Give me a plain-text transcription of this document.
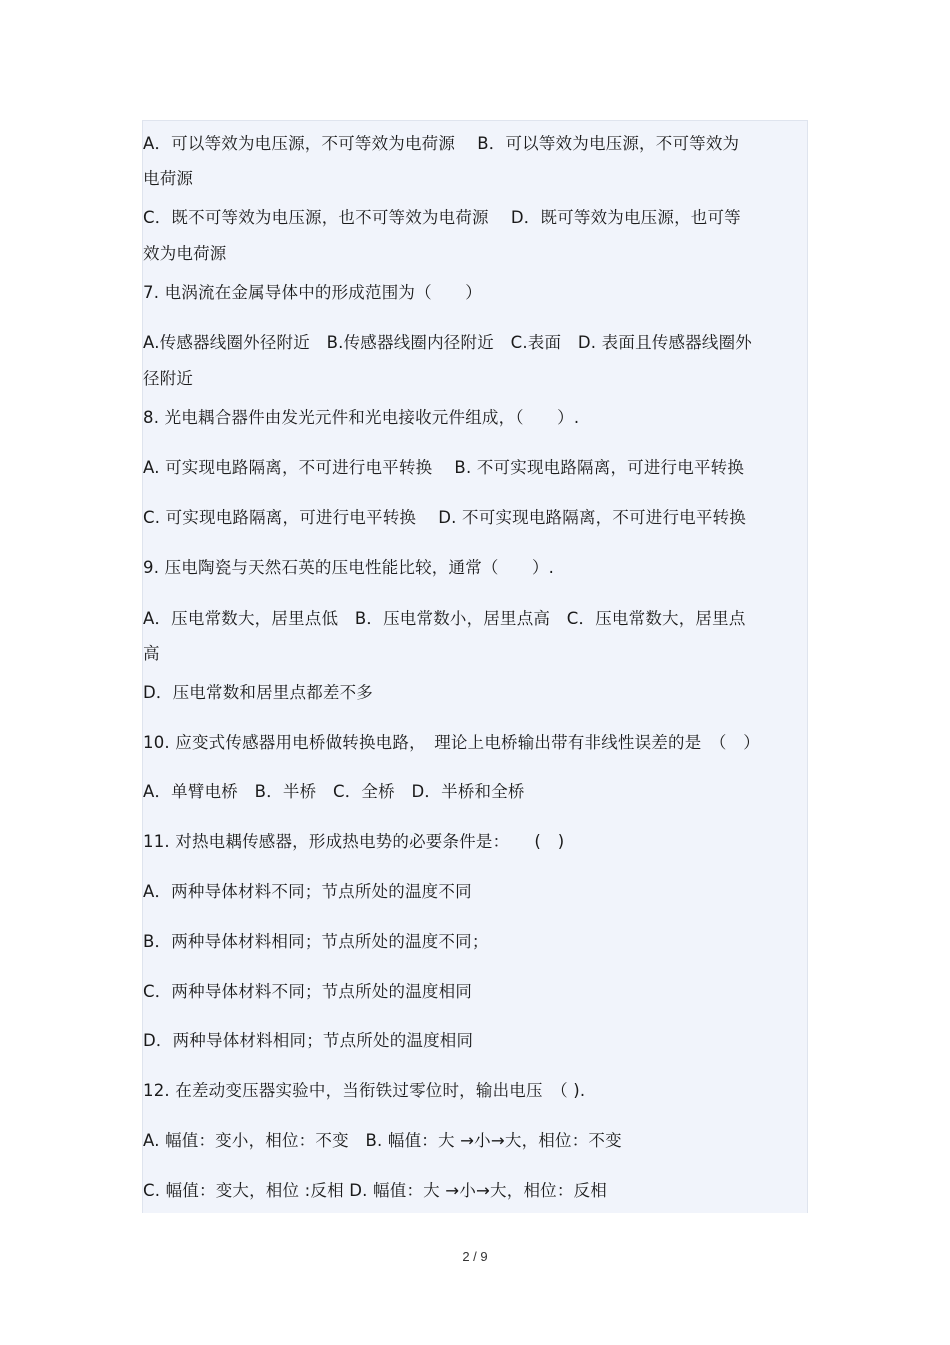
A．可以等效为电压源，不可等效为电荷源　 B．可以等效为电压源，不可等效为
电荷源
C．既不可等效为电压源，也不可等效为电荷源　 D．既可等效为电压源，也可等
效为电荷源
7. 电涡流在金属导体中的形成范围为（　　）
A.传感器线圈外径附近　B.传感器线圈内径附近　C.表面　D. 表面且传感器线圈外
径附近
8. 光电耦合器件由发光元件和光电接收元件组成，（　　）.
A. 可实现电路隔离，不可进行电平转换　 B. 不可实现电路隔离，可进行电平转换
C. 可实现电路隔离，可进行电平转换　 D. 不可实现电路隔离，不可进行电平转换
9. 压电陶瓷与天然石英的压电性能比较，通常（　　）.
A．压电常数大，居里点低　B．压电常数小，居里点高　C．压电常数大，居里点
高
D．压电常数和居里点都差不多
10. 应变式传感器用电桥做转换电路，　理论上电桥输出带有非线性误差的是　（　）
A．单臂电桥　B．半桥　C．全桥　D．半桥和全桥
11. 对热电耦传感器，形成热电势的必要条件是：　　(　)
A．两种导体材料不同；节点所处的温度不同
B．两种导体材料相同；节点所处的温度不同；
C．两种导体材料不同；节点所处的温度相同
D．两种导体材料相同；节点所处的温度相同
12. 在差动变压器实验中，当衔铁过零位时，输出电压　（ ).
A. 幅值：变小，相位：不变　B. 幅值：大 →小→大，相位：不变
C. 幅值：变大，相位 :反相 D. 幅值：大 →小→大，相位：反相
2 / 9
